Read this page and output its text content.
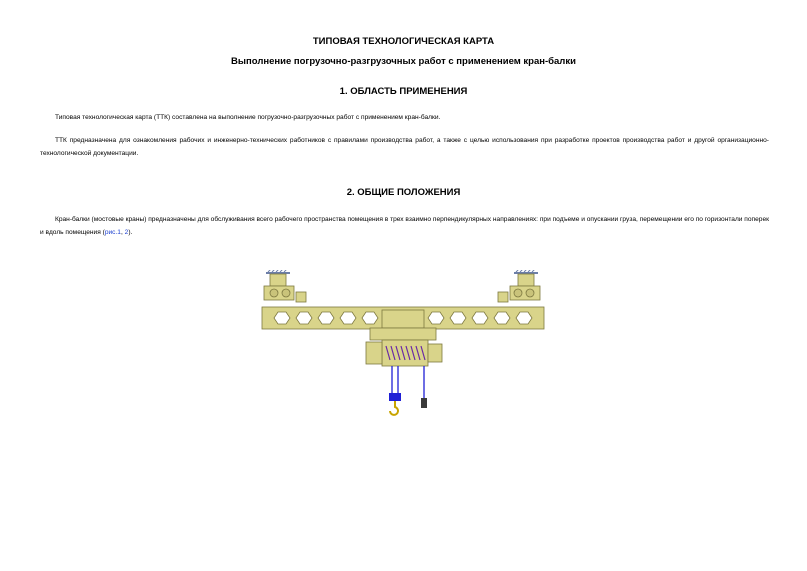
ТИПОВАЯ ТЕХНОЛОГИЧЕСКАЯ КАРТА
Выполнение погрузочно-разгрузочных работ с применением кран-балки
1. ОБЛАСТЬ ПРИМЕНЕНИЯ
Типовая технологическая карта (ТТК) составлена на выполнение погрузочно-разгрузочных работ с применением кран-балки.
ТТК предназначена для ознакомления рабочих и инженерно-технических работников с правилами производства работ, а также с целью использования при разработке проектов производства работ и другой организационно-технологической документации.
2. ОБЩИЕ ПОЛОЖЕНИЯ
Кран-балки (мостовые краны) предназначены для обслуживания всего рабочего пространства помещения в трех взаимно перпендикулярных направлениях: при подъеме и опускании груза, перемещении его по горизонтали поперек и вдоль помещения (рис.1, 2).
